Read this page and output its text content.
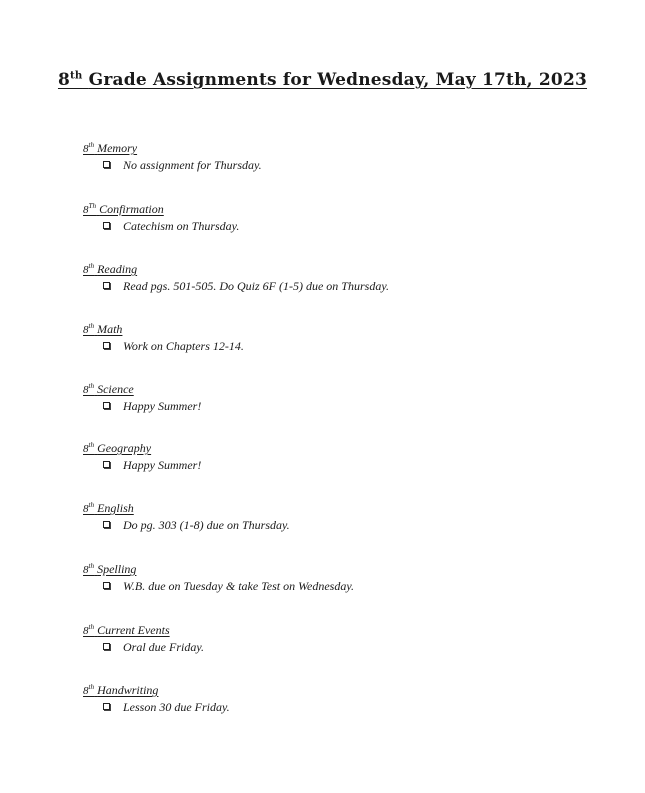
8th Grade Assignments for Wednesday, May 17th, 2023
8th Memory
No assignment for Thursday.
8Th Confirmation
Catechism on Thursday.
8th Reading
Read pgs. 501-505. Do Quiz 6F (1-5) due on Thursday.
8th Math
Work on Chapters 12-14.
8th Science
Happy Summer!
8th Geography
Happy Summer!
8th English
Do pg. 303 (1-8) due on Thursday.
8th Spelling
W.B. due on Tuesday & take Test on Wednesday.
8th Current Events
Oral due Friday.
8th Handwriting
Lesson 30 due Friday.
